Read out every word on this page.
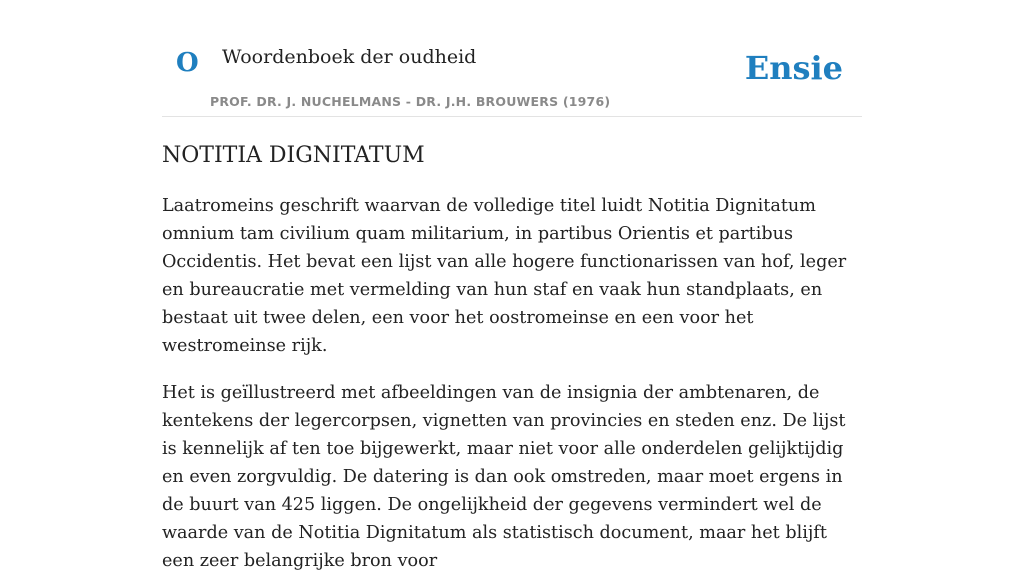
O Woordenboek der oudheid
PROF. DR. J. NUCHELMANS - DR. J.H. BROUWERS (1976)
Ensie
NOTITIA DIGNITATUM

Laatromeins geschrift waarvan de volledige titel luidt Notitia Dignitatum omnium tam civilium quam militarium, in partibus Orientis et partibus Occidentis. Het bevat een lijst van alle hogere functionarissen van hof, leger en bureaucratie met vermelding van hun staf en vaak hun standplaats, en bestaat uit twee delen, een voor het oostromeinse en een voor het westromeinse rijk.

Het is geïllustreerd met afbeeldingen van de insignia der ambtenaren, de kentekens der legercorpsen, vignetten van provincies en steden enz. De lijst is kennelijk af ten toe bijgewerkt, maar niet voor alle onderdelen gelijktijdig en even zorgvuldig. De datering is dan ook omstreden, maar moet ergens in de buurt van 425 liggen. De ongelijkheid der gegevens vermindert wel de waarde van de Notitia Dignitatum als statistisch document, maar het blijft een zeer belangrijke bron voor
